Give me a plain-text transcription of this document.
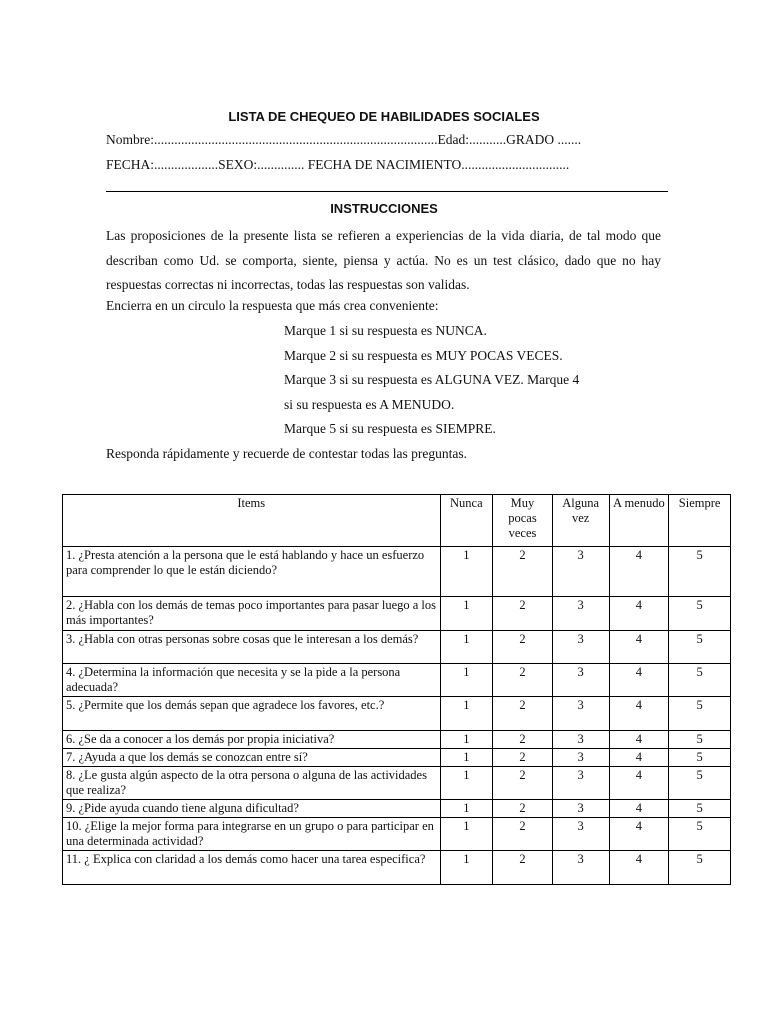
LISTA DE CHEQUEO DE HABILIDADES SOCIALES
Nombre:....................................................................................Edad:...........GRADO .......
FECHA:...................SEXO:.............. FECHA DE NACIMIENTO................................
INSTRUCCIONES
Las proposiciones de la presente lista se refieren a experiencias de la vida diaria, de tal modo que describan como Ud. se comporta, siente, piensa y actúa. No es un test clásico, dado que no hay respuestas correctas ni incorrectas, todas las respuestas son validas.
Encierra en un circulo la respuesta que más crea conveniente:
Marque 1 si su respuesta es NUNCA.
Marque 2 si su respuesta es MUY POCAS VECES.
Marque 3 si su respuesta es ALGUNA VEZ. Marque 4
si su respuesta es A MENUDO.
Marque 5 si su respuesta es SIEMPRE.
Responda rápidamente y recuerde de contestar todas las preguntas.
Items	Nunca	Muy pocas veces	Alguna vez	A menudo	Siempre
1. ¿Presta atención a la persona que le está hablando y hace un esfuerzo para comprender lo que le están diciendo?	1	2	3	4	5
2. ¿Habla con los demás de temas poco importantes para pasar luego a los más importantes?	1	2	3	4	5
3. ¿Habla con otras personas sobre cosas que le interesan a los demás?	1	2	3	4	5
4. ¿Determina la información que necesita y se la pide a la persona adecuada?	1	2	3	4	5
5. ¿Permite que los demás sepan que agradece los favores, etc.?	1	2	3	4	5
6. ¿Se da a conocer a los demás por propia iniciativa?	1	2	3	4	5
7. ¿Ayuda a que los demás se conozcan entre sí?	1	2	3	4	5
8. ¿Le gusta algún aspecto de la otra persona o alguna de las actividades que realiza?	1	2	3	4	5
9. ¿Pide ayuda cuando tiene alguna dificultad?	1	2	3	4	5
10. ¿Elige la mejor forma para integrarse en un grupo o para participar en una determinada actividad?	1	2	3	4	5
11. ¿ Explica con claridad a los demás como hacer una tarea especifica?	1	2	3	4	5
